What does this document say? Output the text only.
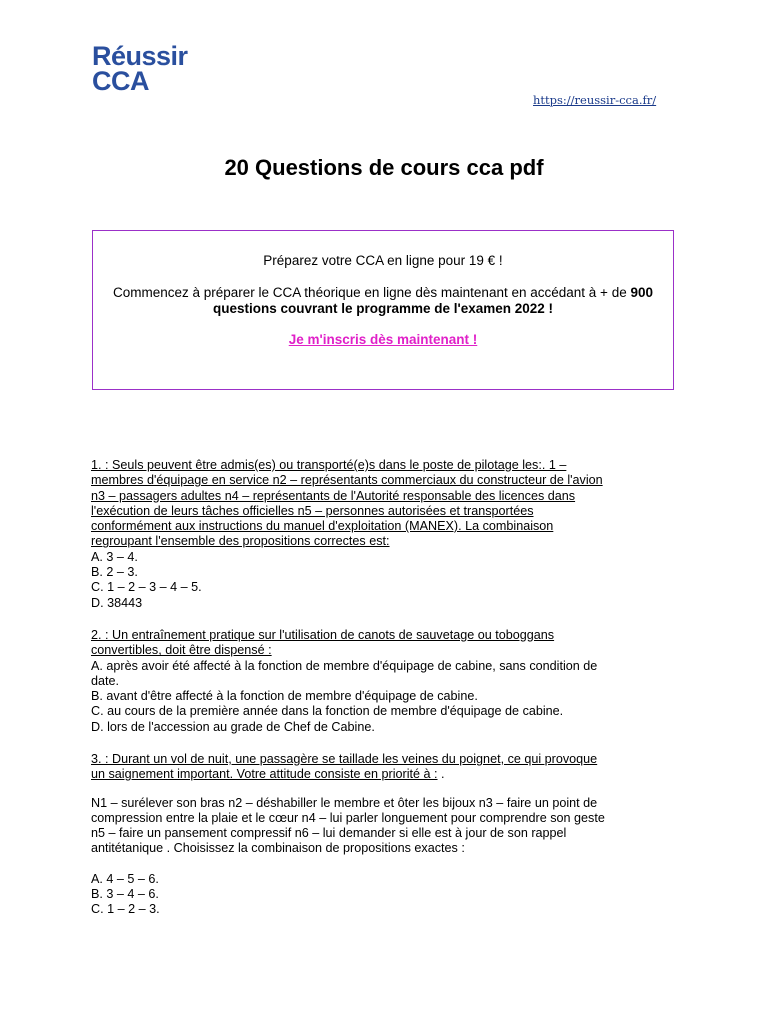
Réussir
CCA
https://reussir-cca.fr/
20 Questions de cours cca pdf
Préparez votre CCA en ligne pour 19 € !
Commencez à préparer le CCA théorique en ligne dès maintenant en accédant à + de 900 questions couvrant le programme de l'examen 2022 !
Je m'inscris dès maintenant !
1. : Seuls peuvent être admis(es) ou transporté(e)s dans le poste de pilotage les:. 1 –
membres d'équipage en service n2 – représentants commerciaux du constructeur de l'avion
n3 – passagers adultes n4 – représentants de l'Autorité responsable des licences dans
l'exécution de leurs tâches officielles n5 – personnes autorisées et transportées
conformément aux instructions du manuel d'exploitation (MANEX). La combinaison
regroupant l'ensemble des propositions correctes est:
A. 3 – 4.
B. 2 – 3.
C. 1 – 2 – 3 – 4 – 5.
D. 38443
2. : Un entraînement pratique sur l'utilisation de canots de sauvetage ou toboggans
convertibles, doit être dispensé :
A. après avoir été affecté à la fonction de membre d'équipage de cabine, sans condition de
date.
B. avant d'être affecté à la fonction de membre d'équipage de cabine.
C. au cours de la première année dans la fonction de membre d'équipage de cabine.
D. lors de l'accession au grade de Chef de Cabine.
3. : Durant un vol de nuit, une passagère se taillade les veines du poignet, ce qui provoque
un saignement important. Votre attitude consiste en priorité à : .
N1 – surélever son bras n2 – déshabiller le membre et ôter les bijoux n3 – faire un point de
compression entre la plaie et le cœur n4 – lui parler longuement pour comprendre son geste
n5 – faire un pansement compressif n6 – lui demander si elle est à jour de son rappel
antitétanique . Choisissez la combinaison de propositions exactes :
A. 4 – 5 – 6.
B. 3 – 4 – 6.
C. 1 – 2 – 3.
